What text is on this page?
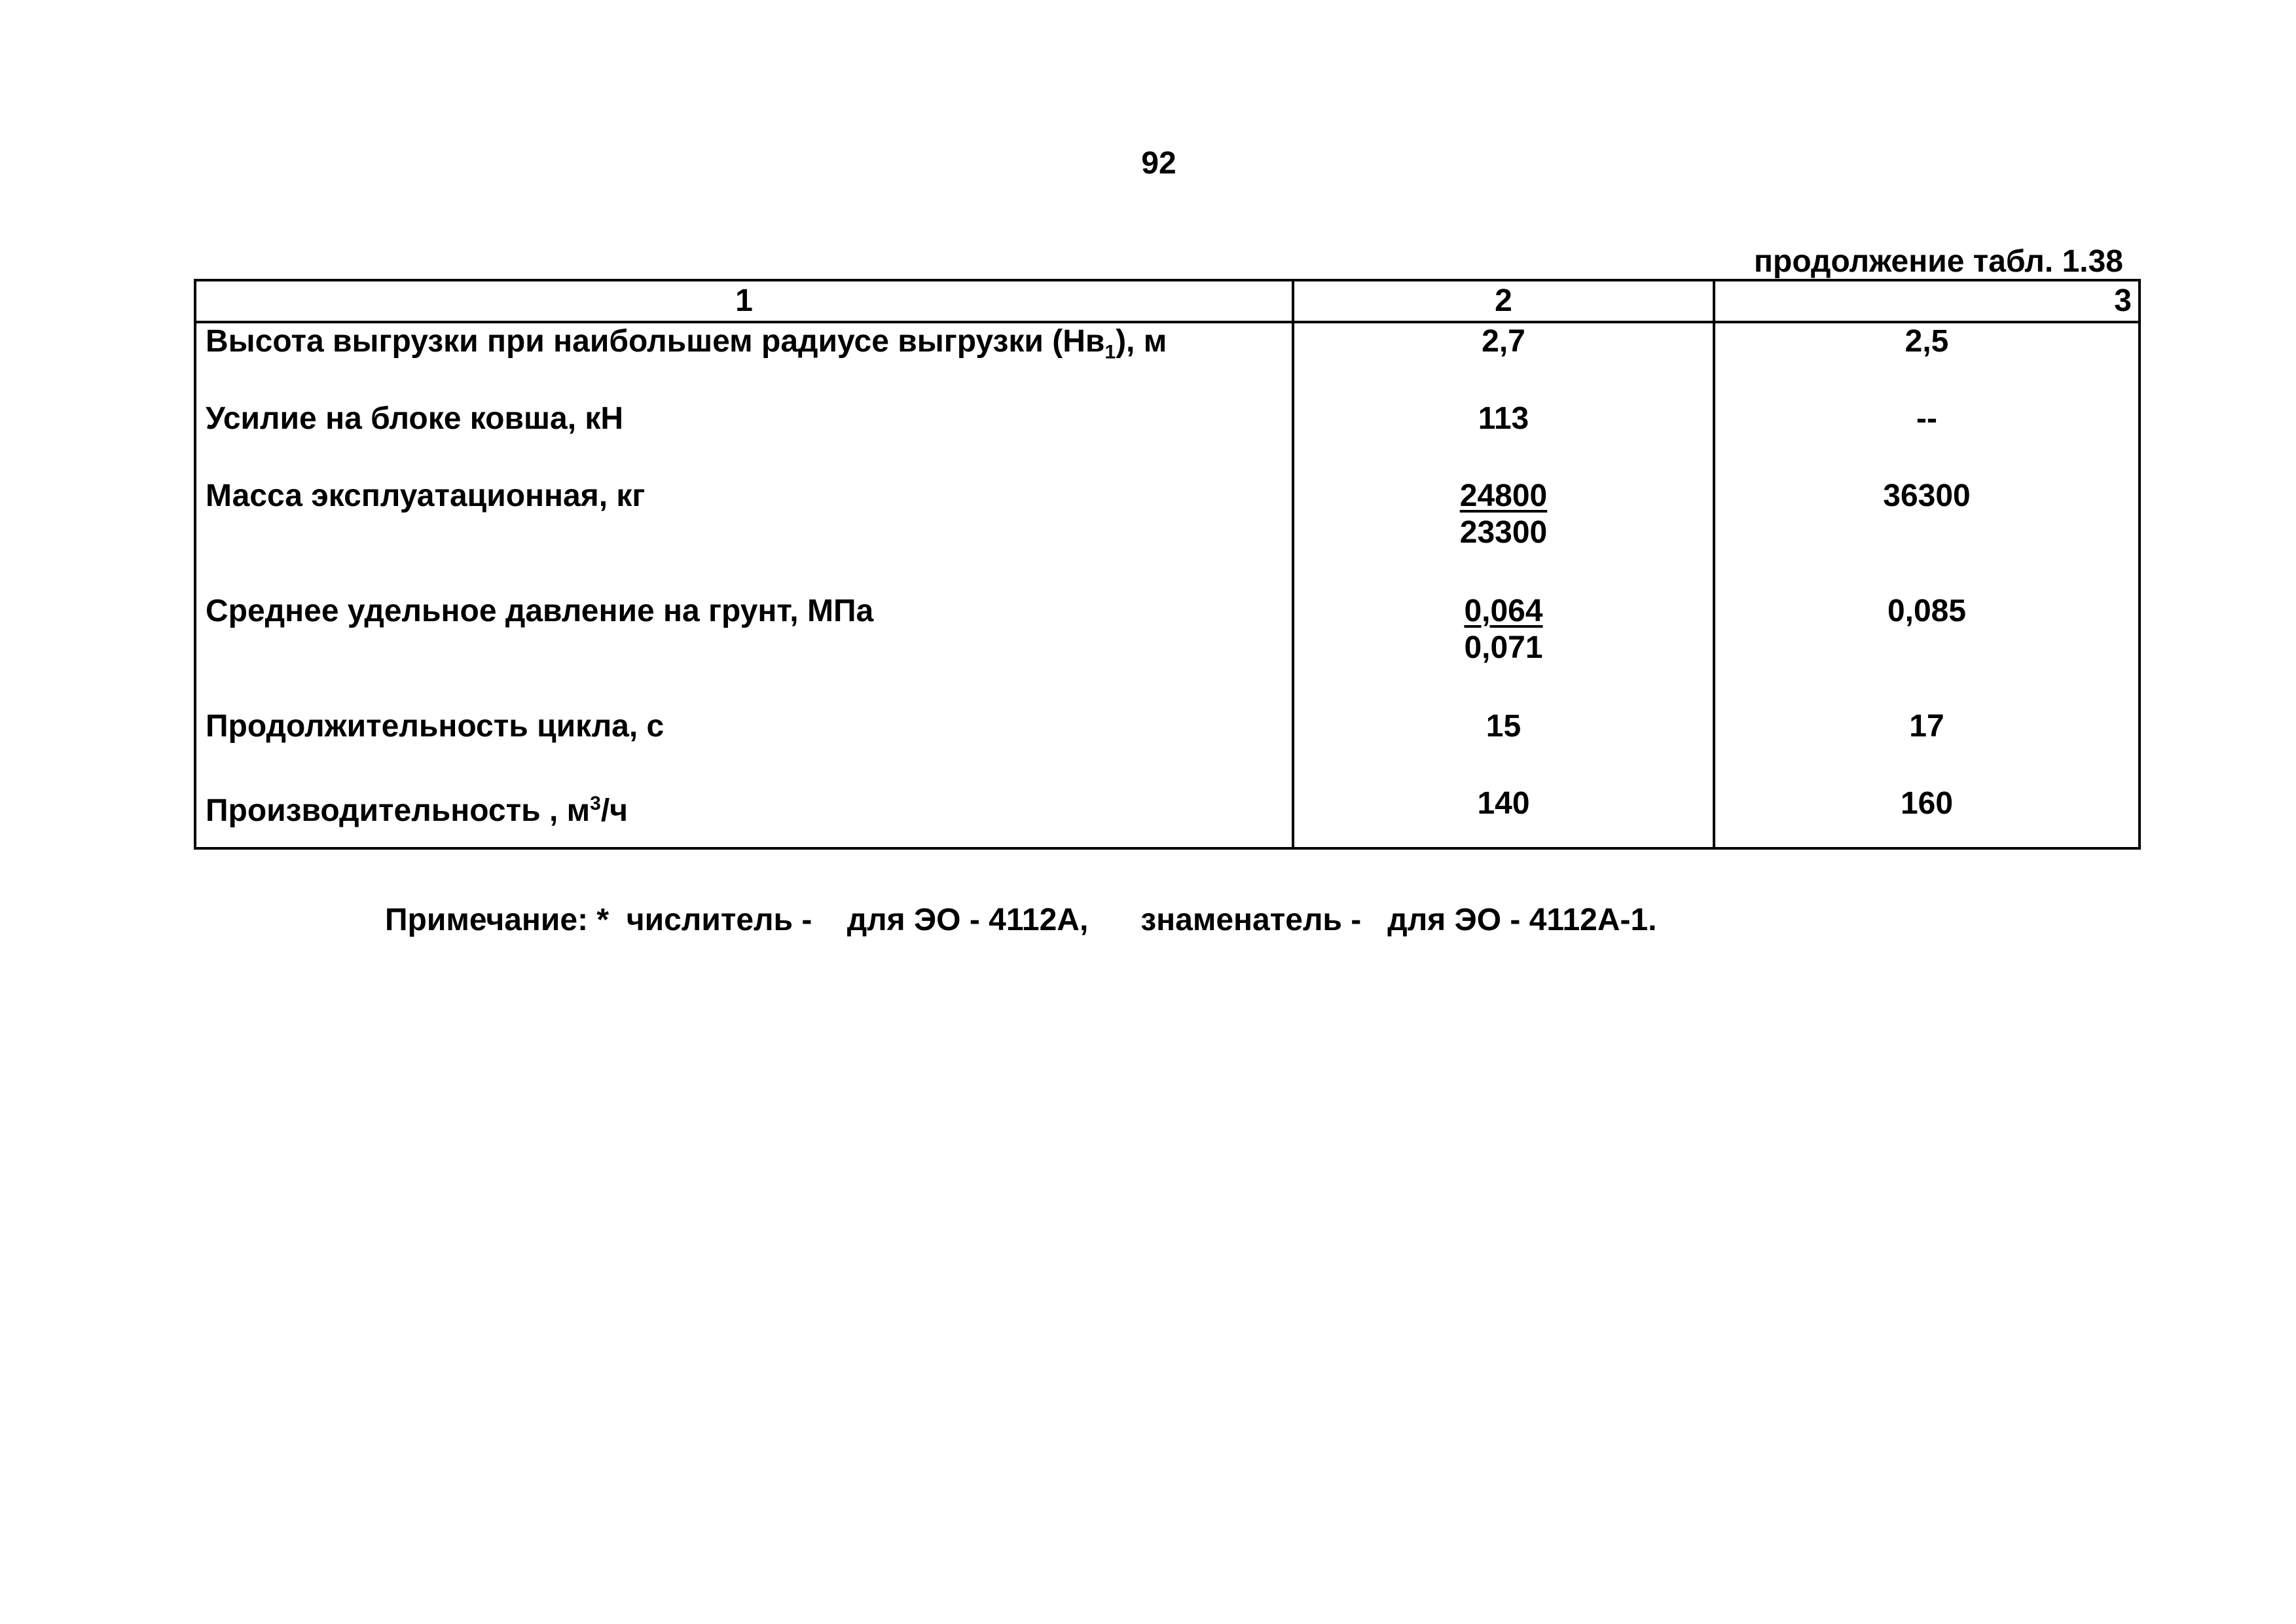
92
продолжение табл. 1.38
1	2	3
Высота выгрузки при наибольшем радиусе выгрузки $(Нв_1)$, м	2,7	2,5
Усилие на блоке ковша, кН	113	--
Масса эксплуатационная, кг	$\frac{24800}{23300}$	36300
Среднее удельное давление на грунт, МПа	$\frac{0,064}{0,071}$	0,085
Продолжительность цикла, с	15	17
Производительность , $м^3/ч$	140	160
Примечание: *  числитель -    для ЭО - 4112А,      знаменатель -   для ЭО - 4112А-1.
